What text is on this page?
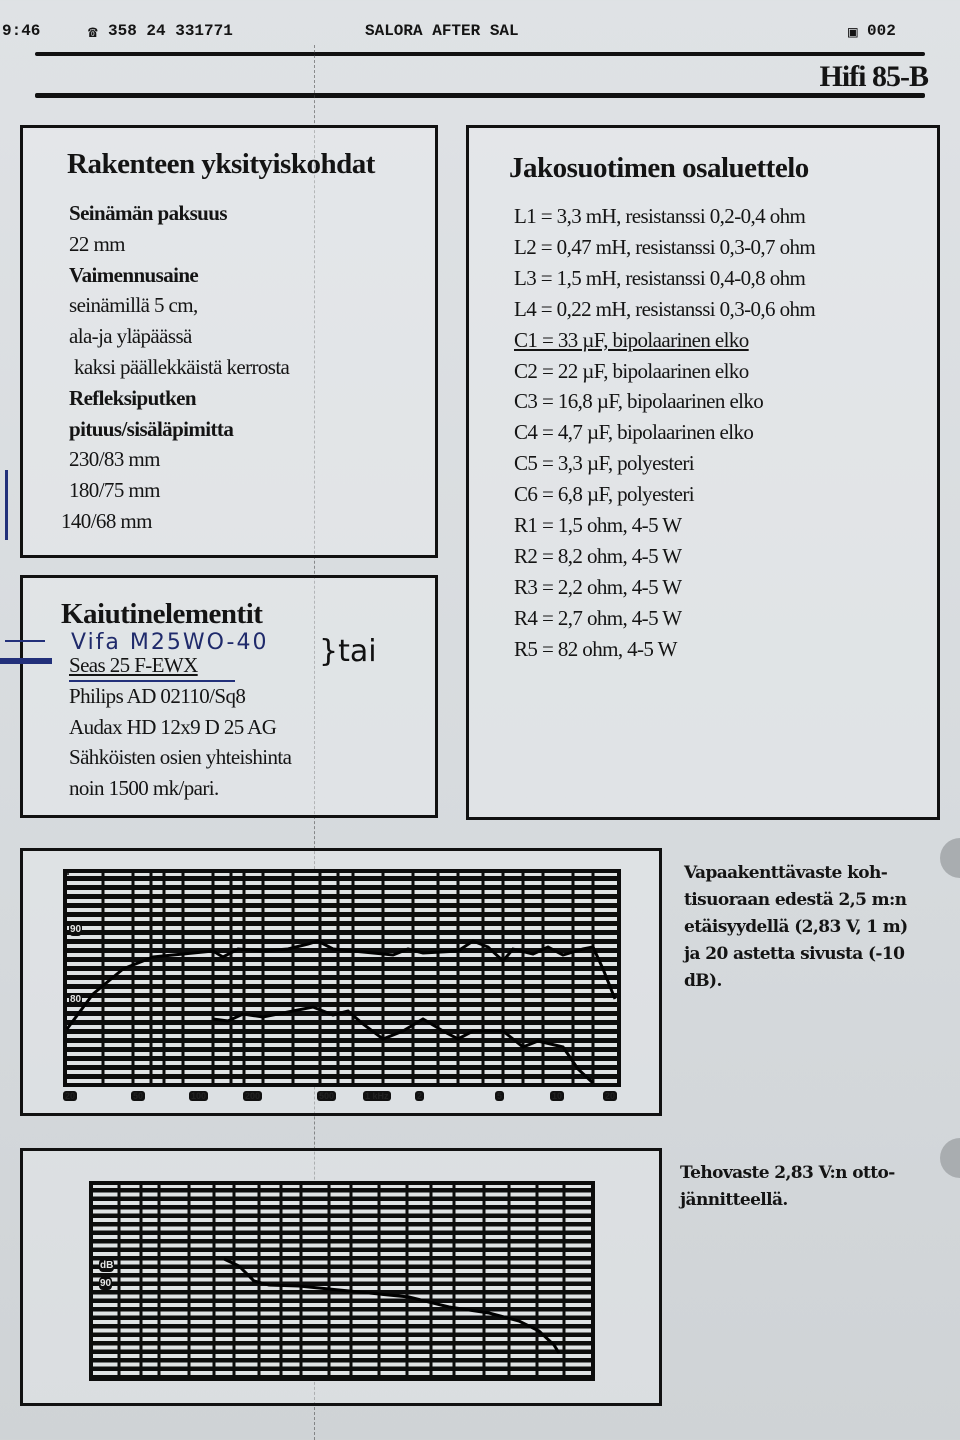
9:46	☎ 358 24 331771	SALORA AFTER SAL	▣ 002
Hifi 85-B
Rakenteen yksityiskohdat
Seinämän paksuus
22 mm
Vaimennusaine
seinämillä 5 cm,
ala-ja yläpäässä
kaksi päällekkäistä kerrosta
Refleksiputken
pituus/sisäläpimitta
230/83 mm
180/75 mm
140/68 mm
Kaiutinelementit
Vifa M25WO-40 }tai
Seas 25 F-EWX
Philips AD 02110/Sq8
Audax HD 12x9 D 25 AG
Sähköisten osien yhteishinta
noin 1500 mk/pari.
Jakosuotimen osaluettelo
L1 = 3,3 mH, resistanssi 0,2-0,4 ohm
L2 = 0,47 mH, resistanssi 0,3-0,7 ohm
L3 = 1,5 mH, resistanssi 0,4-0,8 ohm
L4 = 0,22 mH, resistanssi 0,3-0,6 ohm
C1 = 33 µF, bipolaarinen elko
C2 = 22 µF, bipolaarinen elko
C3 = 16,8 µF, bipolaarinen elko
C4 = 4,7 µF, bipolaarinen elko
C5 = 3,3 µF, polyesteri
C6 = 6,8 µF, polyesteri
R1 = 1,5 ohm, 4-5 W
R2 = 8,2 ohm, 4-5 W
R3 = 2,2 ohm, 4-5 W
R4 = 2,7 ohm, 4-5 W
R5 = 82 ohm, 4-5 W
90
80
20	50	100	200	500	1 kHz	2	5	10	20
Vapaakenttävaste koh-
tisuoraan edestä 2,5 m:n
etäisyydellä (2,83 V, 1 m)
ja 20 astetta sivusta (-10
dB).
dB
90
Tehovaste 2,83 V:n otto-
jännitteellä.
